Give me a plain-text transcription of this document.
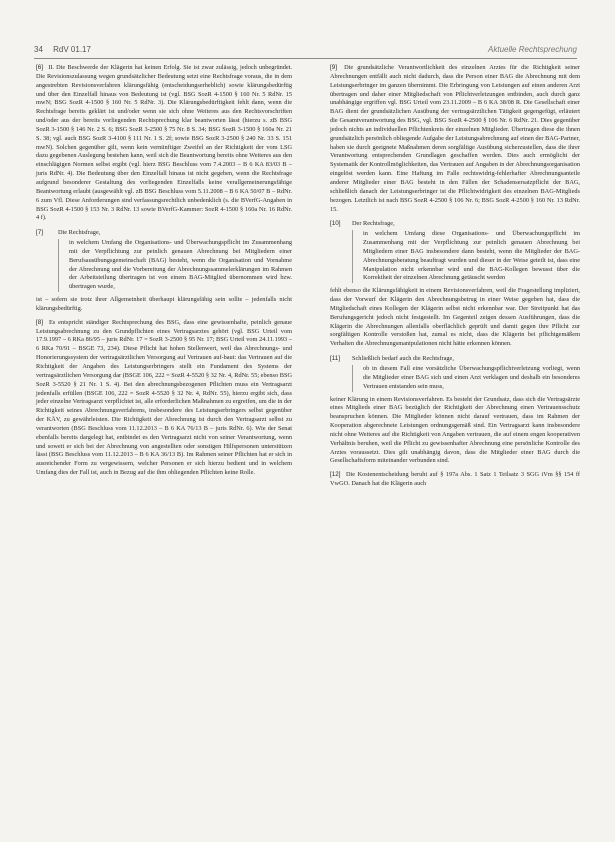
34 RdV 01.17	Aktuelle Rechtsprechung

[6] II. Die Beschwerde der Klägerin hat keinen Erfolg. Sie ist zwar zulässig, jedoch unbegründet. Die Revisionszulassung wegen grundsätzlicher Bedeutung setzt eine Rechtsfrage voraus, die in dem angestrebten Revisionsverfahren klärungsfähig (entscheidungserheblich) sowie klärungsbedürftig und über den Einzelfall hinaus von Bedeutung ist (vgl. BSG SozR 4-1500 § 160 Nr. 5 RdNr. 15 mwN; BSG SozR 4-1500 § 160 Nr. 5 RdNr. 3). Die Klärungsbedürftigkeit fehlt dann, wenn die Rechtsfrage bereits geklärt ist und/oder wenn sie sich ohne Weiteres aus den Rechtsvorschriften und/oder aus der bereits vorliegenden Rechtsprechung klar beantworten lässt (hierzu s. zB BSG SozR 3-1500 § 146 Nr. 2 S. 6; BSG SozR 3-2500 § 75 Nr. 8 S. 34; BSG SozR 3-1500 § 160a Nr. 21 S. 38; vgl. auch BSG SozR 3-4100 § 111 Nr. 1 S. 2f; sowie BSG SozR 3-2500 § 240 Nr. 33 S. 151 mwN). Solchen gegenüber gilt, wenn kein vernünftiger Zweifel an der Richtigkeit der vom LSG dazu gegebenen Auslegung bestehen kann, weil sich die Beantwortung bereits ohne Weiteres aus den einschlägigen Normen selbst ergibt (vgl. hierz BSG Beschluss vom 7.4.2003 – B 6 KA 83/03 B – juris RdNr. 4). Die Bedeutung über den Einzelfall hinaus ist nicht gegeben, wenn die Rechtsfrage aufgrund besonderer Gestaltung des vorliegenden Einzelfalls keine verallgemeinerungsfähige Beantwortung erlaubt (ausgewählt vgl. zB BSG Beschluss vom 5.11.2008 – B 6 KA 50/07 B – RdNr. 6 zum Vfl. Diese Anforderungen sind verfassungsrechtlich unbedenklich (s. die BVerfG-Angaben in BSG SozR 4-1500 § 153 Nr. 3 RdNr. 13 sowie BVerfG-Kammer: SozR 4-1500 § 160a Nr. 16 RdNr. 4 f).

[7] Die Rechtsfrage,
in welchem Umfang die Organisations- und Überwachungspflicht im Zusammenhang mit der Verpflichtung zur peinlich genauen Abrechnung bei Mitgliedern einer Berufsausübungsgemeinschaft (BAG) besteht, wenn die Organisation und Vornahme der Abrechnung und die Vorbereitung der Abrechnungssammelerklärungen im Rahmen der Arbeitsteilung übertragen ist von einem BAG-Mitglied übernommen wird bzw. übertragen wurde,

ist – sofern sie trotz ihrer Allgemeinheit überhaupt klärungsfähig sein sollte – jedenfalls nicht klärungsbedürftig.

[8] Es entspricht ständiger Rechtsprechung des BSG, dass eine gewissenhafte, peinlich genaue Leistungsabrechnung zu den Grundpflichten eines Vertragsarztes gehört (vgl. BSG Urteil vom 17.9.1997 – 6 RKa 86/95 – juris RdNr. 17 = SozR 3-2500 § 95 Nr. 17; BSG Urteil vom 24.11.1993 – 6 RKa 70/91 – BSGE 73, 234). Diese Pflicht hat hohen Stellenwert, weil das Abrechnungs- und Honorierungssystem der vertragsärztlichen Versorgung auf Vertrauen auf-baut: das Vertrauen auf die Richtigkeit der Angaben des Leistungserbringers stellt ein Fundament des Systems der vertragsärztlichen Versorgung dar (BSGE 106, 222 = SozR 4-5520 § 32 Nr. 4, RdNr. 55; ebenso BSG SozR 3-5520 § 21 Nr. 1 S. 4). Bei den abrechnungsbezogenen Pflichten muss ein Vertragsarzt jedenfalls erfüllen (BSGE 106, 222 = SozR 4-5520 § 32 Nr. 4, RdNr. 55), hierzu ergibt sich, dass jeder einzelne Vertragsarzt verpflichtet ist, alle erforderlichen Maßnahmen zu ergreifen, um die in der Richtigkeit seines Abrechnungsverfahrens, insbesondere des Leistungserbringers selbst gegenüber der KÄV, zu gewährleisten. Die Richtigkeit der Abrechnung ist durch den Vertragsarzt selbst zu verantworten (BSG Beschluss vom 11.12.2013 – B 6 KA 76/13 B – juris RdNr. 6). Wie der Senat ebenfalls bereits dargelegt hat, entbindet es den Vertragsarzt nicht von seiner Verantwortung, wenn und soweit er sich bei der Abrechnung von angestellten oder sonstigen Hilfspersonen unterstützen lässt (BSG Beschluss vom 11.12.2013 – B 6 KA 36/13 B). Im Rahmen seiner Pflichten hat er sich in ausreichender Form zu vergewissern, welcher Personen er sich hierzu bedient und in welchem Umfang dies der Fall ist, auch in Bezug auf die ihm obliegenden Pflichten keine Rolle.

[9] Die grundsätzliche Verantwortlichkeit des einzelnen Arztes für die Richtigkeit seiner Abrechnungen entfällt auch nicht dadurch, dass die Person einer BAG die Abrechnung mit dem Leistungserbringer im ganzen übernimmt. Die Erbringung von Leistungen auf einen anderen Arzt übertragen und daher einer Mitgliedschaft von Pflichtverletzungen entbinden, auch durch ganz unabhängige ergriffen vgl. BSG Urteil vom 23.11.2009 – B 6 KA 38/08 R. Die Gesellschaft einer BAG dient der grundsätzlichen Ausübung der vertragsärztlichen Tätigkeit gegengefügt, erläutert die Gesamtverantwortung des BSG, vgl. BSG SozR 4-2500 § 106 Nr. 6 RdNr. 21. Dies gegenüber jedoch nichts an individuellen Pflichtenkreis der einzelnen Mitglieder. Übertragen diese die ihnen grundsätzlich persönlich obliegende Aufgabe der Leistungsabrechnung auf einen der BAG-Partner, haben sie durch geeignete Maßnahmen deren sorgfältige Ausübung sicherzustellen, dass die ihrer Verantwortung entsprechenden Grundlagen geschaffen werden. Dies auch ermöglicht der Systematik der Kontrollmöglichkeiten, das Vertrauen auf Angaben in der Abrechnungsorganisation eingelöst werden kann. Eine Haftung im Falle rechtswidrig-fehlerhafter Abrechnungsanteile anderer Mitglieder einer BAG besteht in den Fällen der Schadensersatzpflicht der BAG, schließlich danach der Leistungserbringer ist die Pflichtwidrigkeit des einzelnen BAG-Mitglieds bezogen. Letztlich ist nach BSG SozR 4-2500 § 106 Nr. 6; BSG SozR 4-2500 § 160 Nr. 13 RdNr. 15.

[10] Der Rechtsfrage,
in welchem Umfang diese Organisations- und Überwachungspflicht im Zusammenhang mit der Verpflichtung zur peinlich genauen Abrechnung bei Mitgliedern einer BAG insbesondere dann besteht, wenn die Mitglieder der BAG-Abrechnungsberatung beauftragt wurden und dieser in der Weise geteilt ist, dass eine Manipulation nicht erkennbar wird und die BAG-Kollegen bewusst über die Korrektheit der einzelnen Abrechnung getäuscht werden

fehlt ebenso die Klärungsfähigkeit in einem Revisionsverfahren, weil die Fragestellung impliziert, dass der Vorwurf der Klägerin den Abrechnungsbetrug in einer Weise gegeben hat, dass die Mitgliedschaft eines Kollegen der Klägerin selbst nicht erkennbar war. Der Streitpunkt hat das Berufungsgericht jedoch nicht festgestellt. Im Gegenteil zeigen dessen Ausführungen, dass die Klägerin die Abrechnungen allenfalls oberflächlich geprüft und damit gegen ihre Pflicht zur sorgfältigen Kontrolle verstoßen hat, zumal es nicht, dass die Klägerin bei pflichtgemäßem Verhalten die Abrechnungsmanipulationen nicht hätte erkennen können.

[11] Schließlich bedarf auch die Rechtsfrage,
ob in diesem Fall eine vorsätzliche Überwachungspflichtverletzung vorliegt, wenn die Mitglieder einer BAG sich und einen Arzt verklagen und deshalb ein besonderes Vertrauen entstanden sein muss,

keiner Klärung in einem Revisionsverfahren. Es besteht der Grundsatz, dass sich die Vertragsärzte eines Mitglieds einer BAG bezüglich der Richtigkeit der Abrechnung einen Vertrauensschutz beanspruchen können. Die Mitglieder können nicht darauf vertrauen, dass im Rahmen der Kooperation abgerechnete Leistungen ordnungsgemäß sind. Ein Vertragsarzt kann insbesondere nicht ohne Weiteres auf die Richtigkeit von Angaben vertrauen, die auf einem engen kooperativen Verhältnis beruhen, weil die Pflicht zu gewissenhafter Abrechnung eine persönliche Kontrolle des Arztes voraussetzt. Dies gilt unabhängig davon, dass die Mitglieder einer BAG durch die Gesellschaftsform miteinander verbunden sind.

[12] Die Kostenentscheidung beruht auf § 197a Abs. 1 Satz 1 Teilsatz 3 SGG iVm §§ 154 ff VwGO. Danach hat die Klägerin auch
